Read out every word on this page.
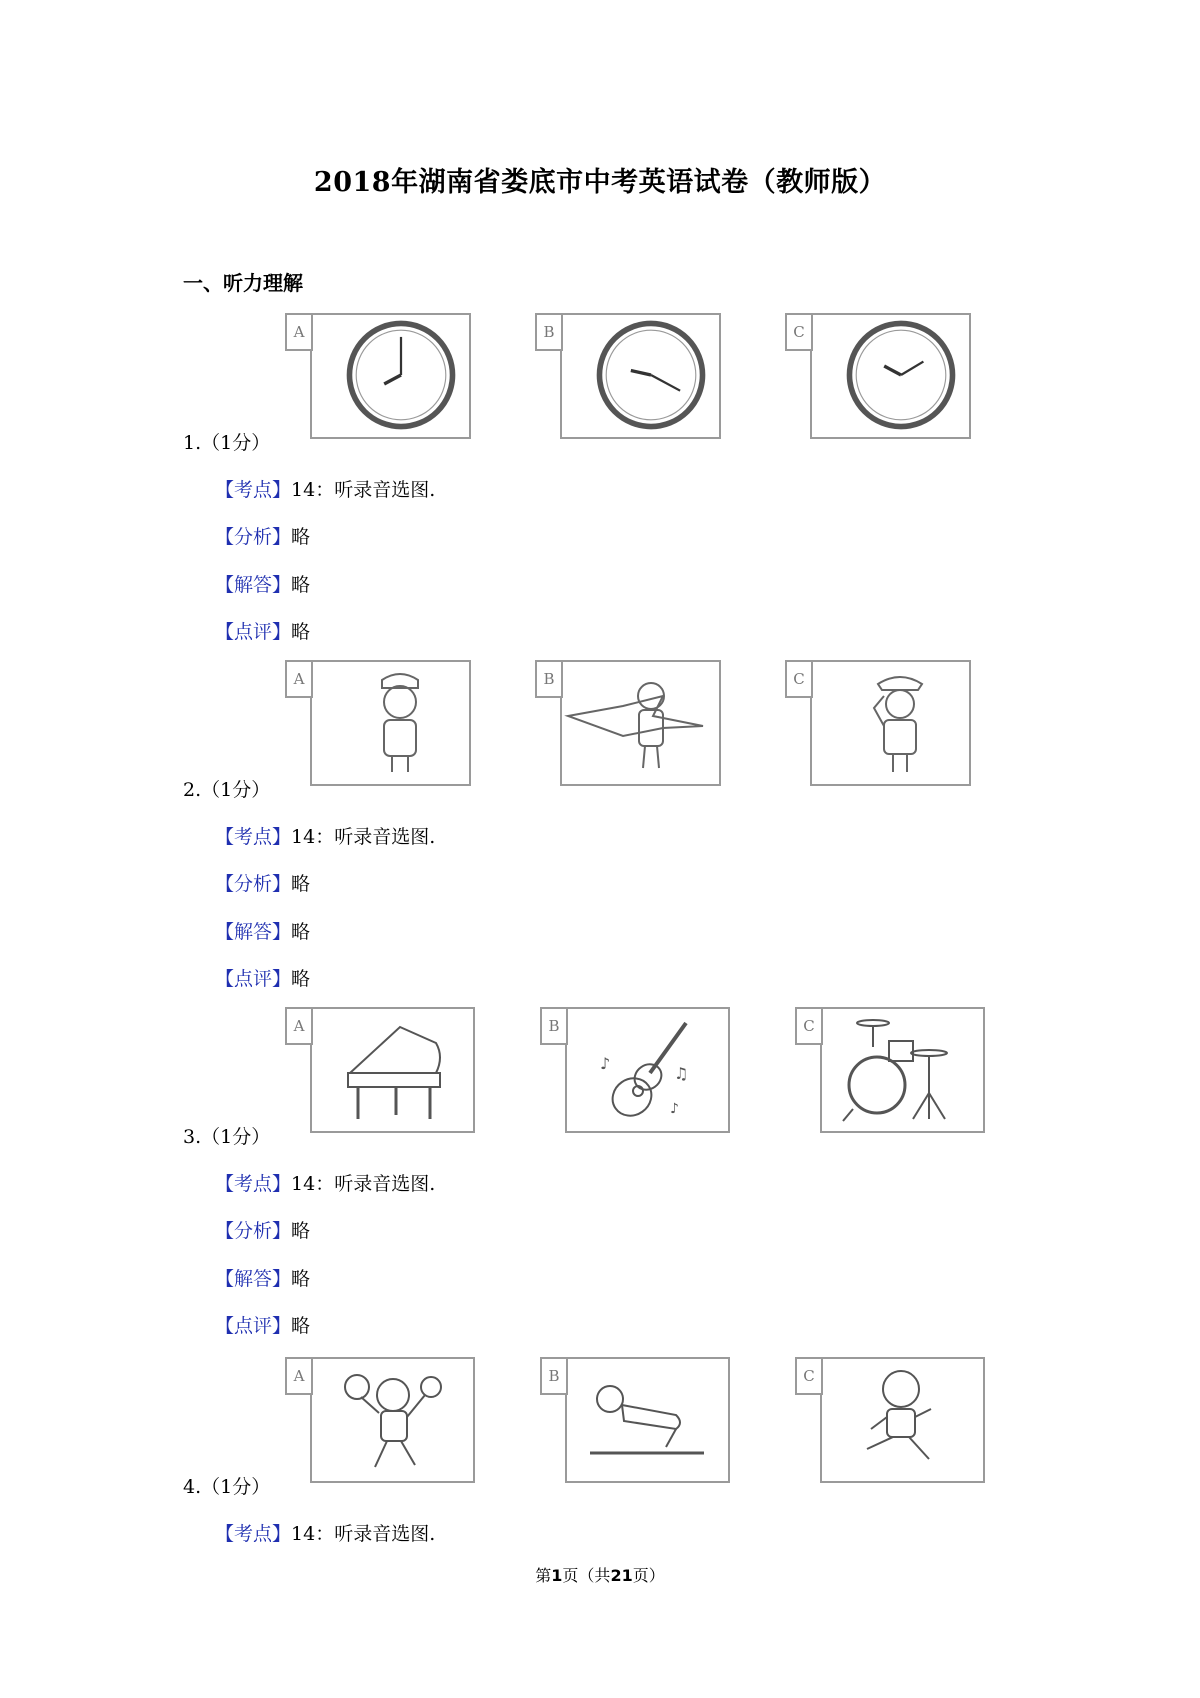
2018年湖南省娄底市中考英语试卷（教师版）
一、听力理解
A	B	C
1.（1分）
【考点】14：听录音选图.
【分析】略
【解答】略
【点评】略
A	B	C
2.（1分）
【考点】14：听录音选图.
【分析】略
【解答】略
【点评】略
A	B
♪
♫
♪
C
3.（1分）
【考点】14：听录音选图.
【分析】略
【解答】略
【点评】略
A	B	C
4.（1分）
【考点】14：听录音选图.
第1页（共21页）
